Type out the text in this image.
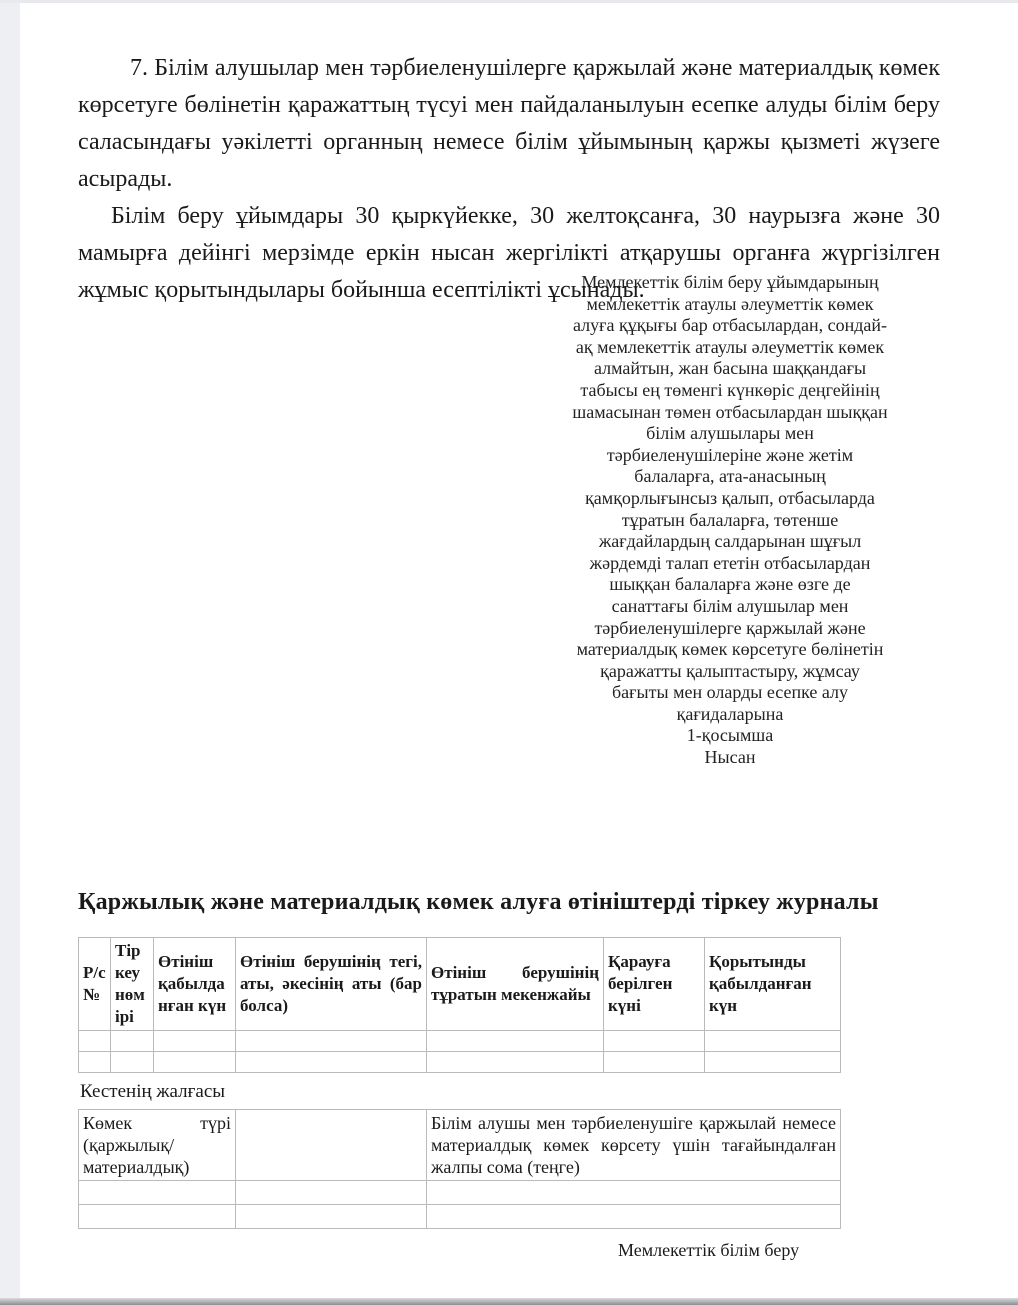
Мемлекеттік білім беру ұйымдарының мемлекеттік атаулы әлеуметтік көмек алуға құқығы бар отбасылардан, сондай-ақ мемлекеттік атаулы әлеуметтік көмек алмайтын, жан басына шаққандағы табысы ең төменгі күнкөріс деңгейінің шамасынан төмен отбасылардан шыққан білім алушылары мен тәрбиеленушілеріне және жетім балаларға, ата-анасының қамқорлығынсыз қалып, отбасыларда тұратын балаларға, төтенше жағдайлардың салдарынан шұғыл жәрдемді талап ететін отбасылардан шыққан балаларға және өзге де санаттағы білім алушылар мен тәрбиеленушілерге қаржылай және материалдық көмек көрсетуге бөлінетін қаражатты қалыптастыру, жұмсау бағыты мен оларды есепке алу қағидаларына
1-қосымша
Нысан

7. Білім алушылар мен тәрбиеленушілерге қаржылай және материалдық көмек көрсетуге бөлінетін қаражаттың түсуі мен пайдаланылуын есепке алуды білім беру саласындағы уәкілетті органның немесе білім ұйымының қаржы қызметі жүзеге асырады.

Білім беру ұйымдары 30 қыркүйекке, 30 желтоқсанға, 30 наурызға және 30 мамырға дейінгі мерзімде еркін нысан жергілікті атқарушы органға жүргізілген жұмыс қорытындылары бойынша есептілікті ұсынады.

Қаржылық және материалдық көмек алуға өтініштерді тіркеу журналы
Р/с №	Тіркеу нөмірі	Өтініш қабылданған күн	Өтініш берушінің тегі, аты, әкесінің аты (бар болса)	Өтініш берушінің тұратын мекенжайы	Қарауға берілген күні	Қорытынды қабылданған күн

Кестенің жалғасы
Көмек түрі (қаржылық/материалдық)		Білім алушы мен тәрбиеленушіге қаржылай немесе материалдық көмек көрсету үшін тағайындалған жалпы сома (теңге)

Мемлекеттік білім беру
